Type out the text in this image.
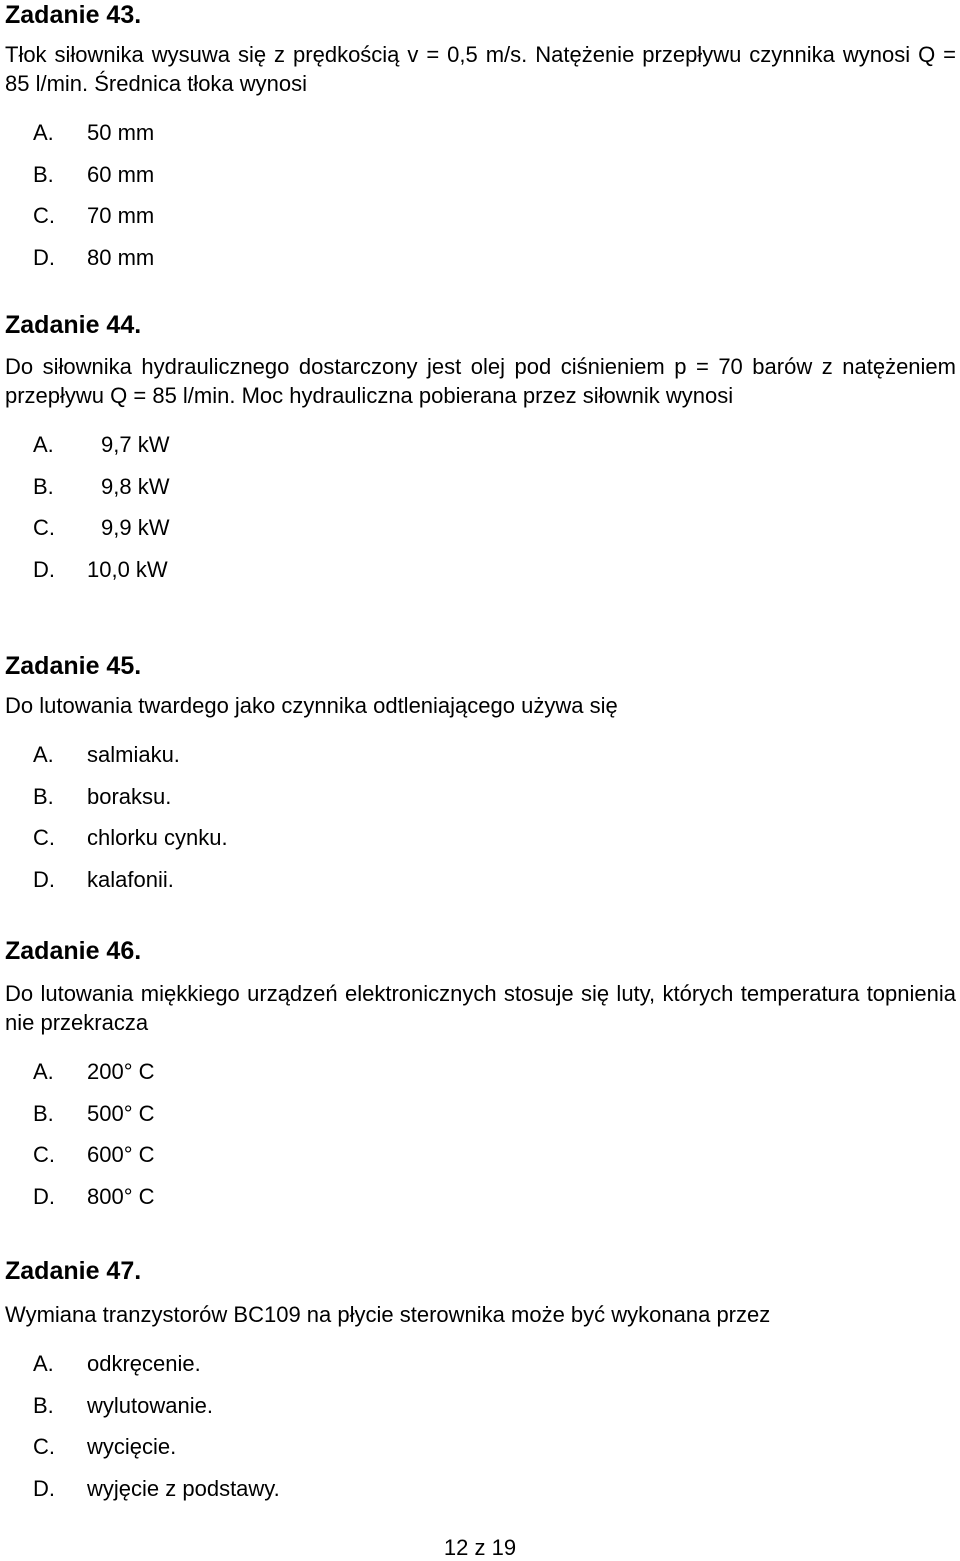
Zadanie 43.
Tłok siłownika wysuwa się z prędkością v = 0,5 m/s. Natężenie przepływu czynnika wynosi Q = 85 l/min. Średnica tłoka wynosi
A. 50 mm
B. 60 mm
C. 70 mm
D. 80 mm
Zadanie 44.
Do siłownika hydraulicznego dostarczony jest olej pod ciśnieniem p = 70 barów z natężeniem przepływu Q = 85 l/min. Moc hydrauliczna pobierana przez siłownik wynosi
A. 9,7 kW
B. 9,8 kW
C. 9,9 kW
D. 10,0 kW
Zadanie 45.
Do lutowania twardego jako czynnika odtleniającego używa się
A. salmiaku.
B. boraksu.
C. chlorku cynku.
D. kalafonii.
Zadanie 46.
Do lutowania miękkiego urządzeń elektronicznych stosuje się luty, których temperatura topnienia nie przekracza
A. 200° C
B. 500° C
C. 600° C
D. 800° C
Zadanie 47.
Wymiana tranzystorów BC109 na płycie sterownika może być wykonana przez
A. odkręcenie.
B. wylutowanie.
C. wycięcie.
D. wyjęcie z podstawy.
12 z 19
